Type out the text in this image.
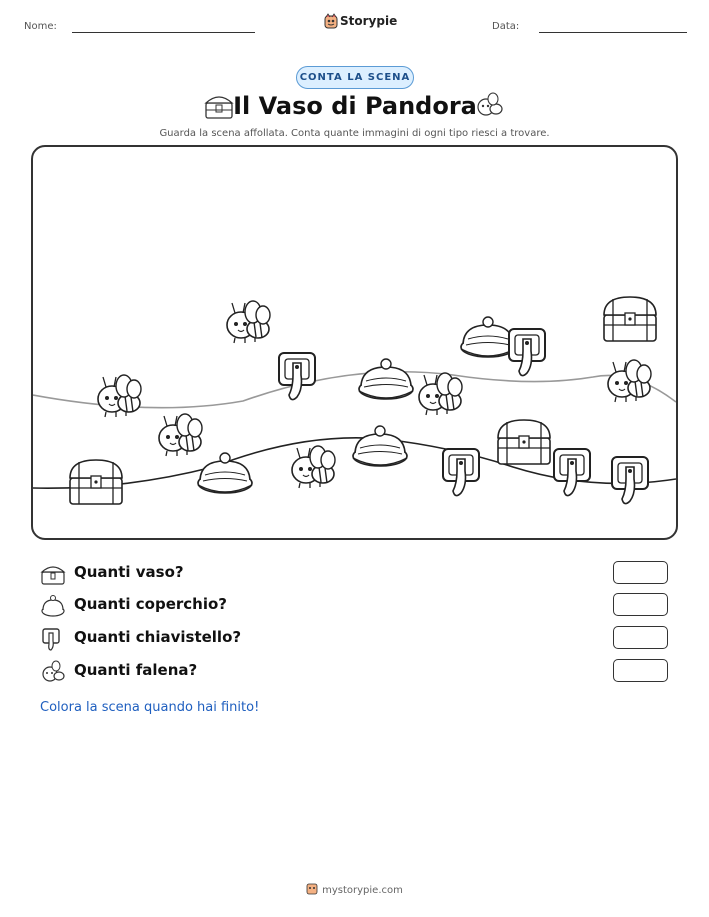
Nome:	Storypie	Data:
CONTA LA SCENA
Il Vaso di Pandora
Guarda la scena affollata. Conta quante immagini di ogni tipo riesci a trovare.
Quanti vaso?
Quanti coperchio?
Quanti chiavistello?
Quanti falena?
Colora la scena quando hai finito!
mystorypie.com
